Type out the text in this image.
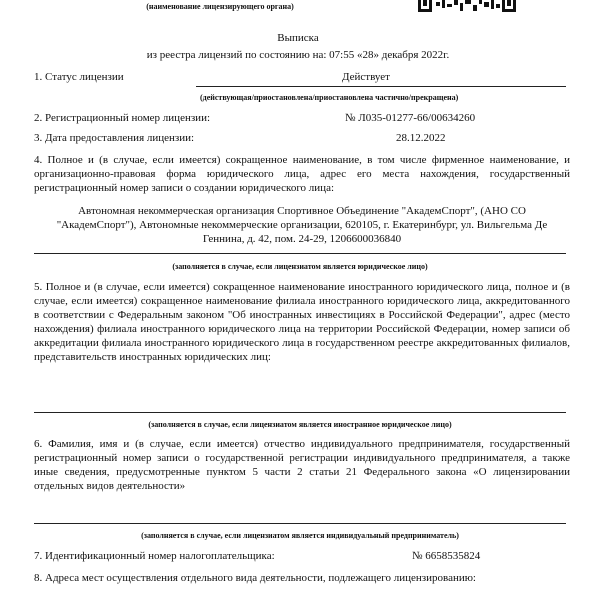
(наименование лицензирующего органа)
Выписка
из реестра лицензий по состоянию на: 07:55 «28» декабря 2022г.
1. Статус лицензии	Действует
(действующая/приостановлена/приостановлена частично/прекращена)
2. Регистрационный номер лицензии:	№ Л035-01277-66/00634260
3. Дата предоставления лицензии:	28.12.2022
4. Полное и (в случае, если имеется) сокращенное наименование, в том числе фирменное наименование, и организационно-правовая форма юридического лица, адрес его места нахождения, государственный регистрационный номер записи о создании юридического лица:
Автономная некоммерческая организация Спортивное Объединение "АкадемСпорт", (АНО СО "АкадемСпорт"), Автономные некоммерческие организации, 620105, г. Екатеринбург, ул. Вильгельма Де Геннина, д. 42, пом. 24-29, 1206600036840
(заполняется в случае, если лицензиатом является юридическое лицо)
5. Полное и (в случае, если имеется) сокращенное наименование иностранного юридического лица, полное и (в случае, если имеется) сокращенное наименование филиала иностранного юридического лица, аккредитованного в соответствии с Федеральным законом "Об иностранных инвестициях в Российской Федерации", адрес (место нахождения) филиала иностранного юридического лица на территории Российской Федерации, номер записи об аккредитации филиала иностранного юридического лица в государственном реестре аккредитованных филиалов, представительств иностранных юридических лиц:
(заполняется в случае, если лицензиатом является иностранное юридическое лицо)
6. Фамилия, имя и (в случае, если имеется) отчество индивидуального предпринимателя, государственный регистрационный номер записи о государственной регистрации индивидуального предпринимателя, а также иные сведения, предусмотренные пунктом 5 части 2 статьи 21 Федерального закона «О лицензировании отдельных видов деятельности»
(заполняется в случае, если лицензиатом является индивидуальный предприниматель)
7. Идентификационный номер налогоплательщика:	№ 6658535824
8. Адреса мест осуществления отдельного вида деятельности, подлежащего лицензированию:
